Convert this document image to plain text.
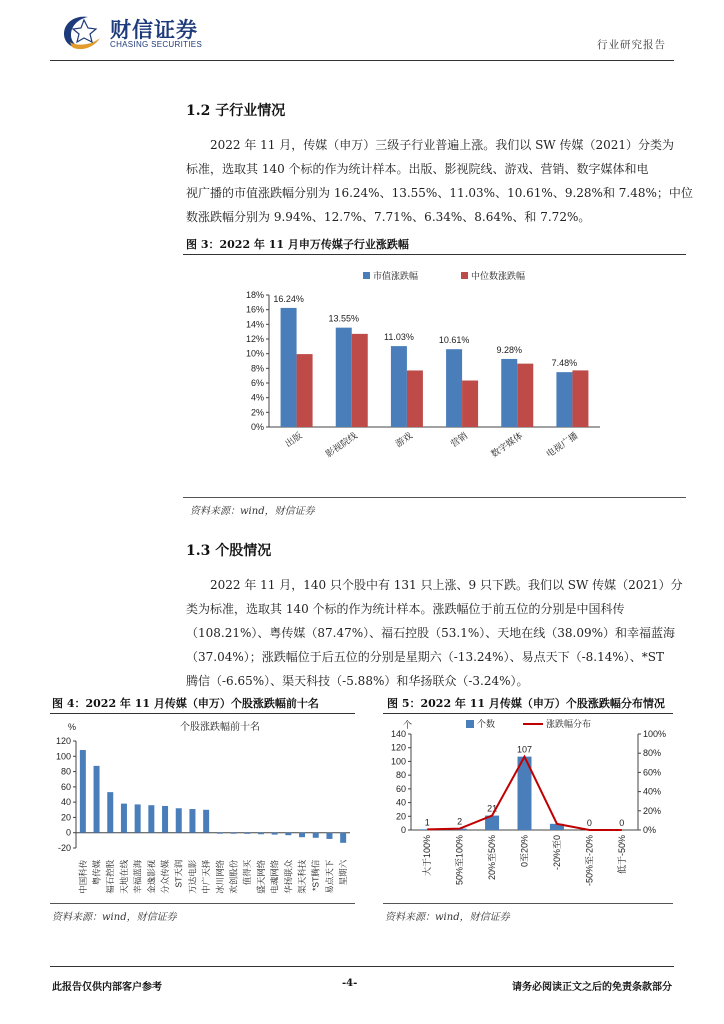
财信证券
CHASING SECURITIES	行业研究报告
1.2 子行业情况
2022 年 11 月，传媒（申万）三级子行业普遍上涨。我们以 SW 传媒（2021）分类为
标准，选取其 140 个标的作为统计样本。出版、影视院线、游戏、营销、数字媒体和电
视广播的市值涨跌幅分别为 16.24%、13.55%、11.03%、10.61%、9.28%和 7.48%；中位
数涨跌幅分别为 9.94%、12.7%、7.71%、6.34%、8.64%、和 7.72%。
图 3：2022 年 11 月申万传媒子行业涨跌幅
市值涨跌幅	中位数涨跌幅
18%
16%
14%
12%
10%
8%
6%
4%
2%
0%
16.24%
出版
13.55%
影视院线
11.03%
游戏
10.61%
营销
9.28%
数字媒体
7.48%
电视广播
资料来源：wind，财信证券
1.3 个股情况
2022 年 11 月，140 只个股中有 131 只上涨、9 只下跌。我们以 SW 传媒（2021）分
类为标准，选取其 140 个标的作为统计样本。涨跌幅位于前五位的分别是中国科传
（108.21%）、粤传媒（87.47%）、福石控股（53.1%）、天地在线（38.09%）和幸福蓝海
（37.04%）；涨跌幅位于后五位的分别是星期六（-13.24%）、易点天下（-8.14%）、*ST
腾信（-6.65%）、渠天科技（-5.88%）和华扬联众（-3.24%）。
图 4：2022 年 11 月传媒（申万）个股涨跌幅前十名
%	个股涨跌幅前十名
120
100
80
60
40
20
0
-20
中国科传 粤传媒 福石控股 天地在线 幸福蓝海 金逸影视 分众传媒 ST天润 万达电影 中广天择 冰川网络 欢创股份 值得买 盛天网络 电魂网络 华扬联众 渠天科技 *ST腾信 易点天下 星期六
资料来源：wind，财信证券
图 5：2022 年 11 月传媒（申万）个股涨跌幅分布情况
个	个数	涨跌幅分布
140
120
100
80
60
40
20
0
100%
80%
60%
40%
20%
0%
1
大于100%
2
50%至100%
21
20%至50%
107
0至20% -20%至0
0
-50%至-20%
0
低于-50%
资料来源：wind，财信证券
此报告仅供内部客户参考	-4-	请务必阅读正文之后的免责条款部分
